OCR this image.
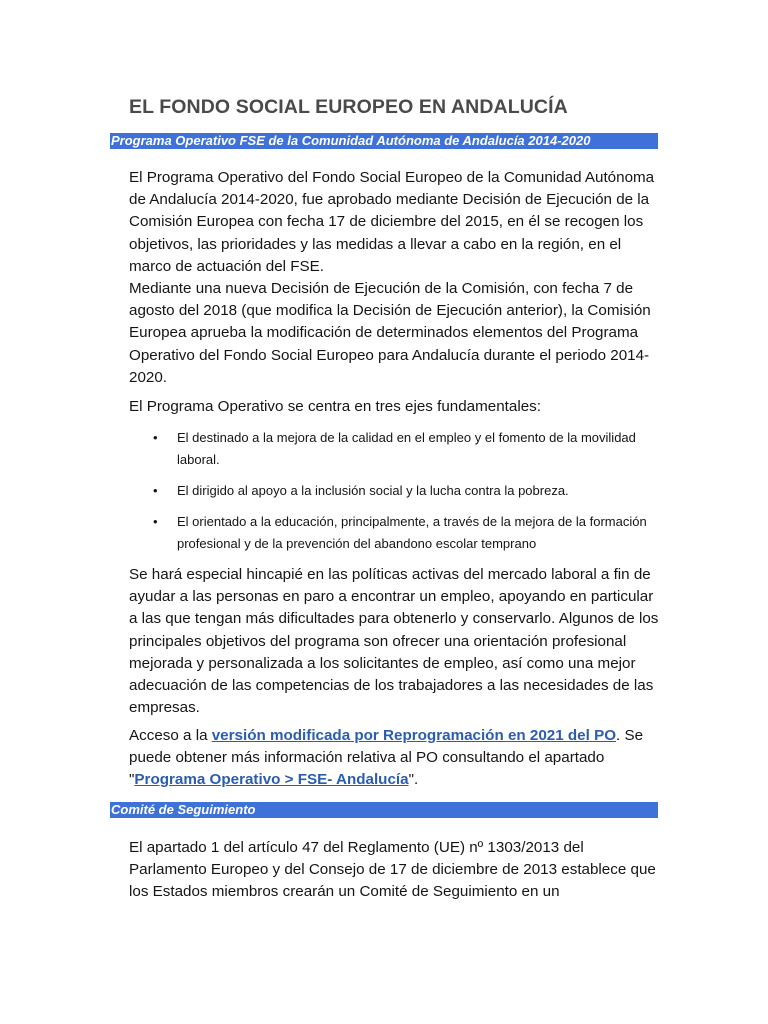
EL FONDO SOCIAL EUROPEO EN ANDALUCÍA
Programa Operativo FSE de la Comunidad Autónoma de Andalucía 2014-2020

El Programa Operativo del Fondo Social Europeo de la Comunidad Autónoma de Andalucía 2014-2020, fue aprobado mediante Decisión de Ejecución de la Comisión Europea con fecha 17 de diciembre del 2015, en él se recogen los objetivos, las prioridades y las medidas a llevar a cabo en la región, en el marco de actuación del FSE.

Mediante una nueva Decisión de Ejecución de la Comisión, con fecha 7 de agosto del 2018 (que modifica la Decisión de Ejecución anterior), la Comisión Europea aprueba la modificación de determinados elementos del Programa Operativo del Fondo Social Europeo para Andalucía durante el periodo 2014-2020.

El Programa Operativo se centra en tres ejes fundamentales:

• El destinado a la mejora de la calidad en el empleo y el fomento de la movilidad laboral.
• El dirigido al apoyo a la inclusión social y la lucha contra la pobreza.
• El orientado a la educación, principalmente, a través de la mejora de la formación profesional y de la prevención del abandono escolar temprano

Se hará especial hincapié en las políticas activas del mercado laboral a fin de ayudar a las personas en paro a encontrar un empleo, apoyando en particular a las que tengan más dificultades para obtenerlo y conservarlo. Algunos de los principales objetivos del programa son ofrecer una orientación profesional mejorada y personalizada a los solicitantes de empleo, así como una mejor adecuación de las competencias de los trabajadores a las necesidades de las empresas.

Acceso a la versión modificada por Reprogramación en 2021 del PO. Se puede obtener más información relativa al PO consultando el apartado "Programa Operativo > FSE- Andalucía".

Comité de Seguimiento

El apartado 1 del artículo 47 del Reglamento (UE) nº 1303/2013 del Parlamento Europeo y del Consejo de 17 de diciembre de 2013 establece que los Estados miembros crearán un Comité de Seguimiento en un
